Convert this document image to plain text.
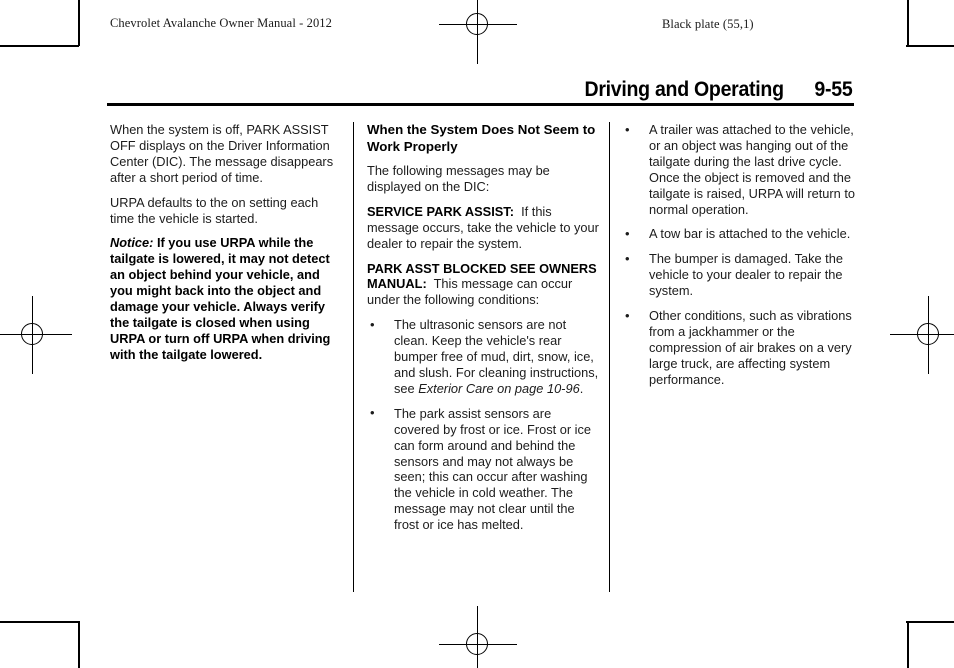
Chevrolet Avalanche Owner Manual - 2012	Black plate (55,1)
Driving and Operating 9-55

When the system is off, PARK ASSIST OFF displays on the Driver Information Center (DIC). The message disappears after a short period of time.

URPA defaults to the on setting each time the vehicle is started.

Notice: If you use URPA while the tailgate is lowered, it may not detect an object behind your vehicle, and you might back into the object and damage your vehicle. Always verify the tailgate is closed when using URPA or turn off URPA when driving with the tailgate lowered.

When the System Does Not Seem to Work Properly

The following messages may be displayed on the DIC:

SERVICE PARK ASSIST: If this message occurs, take the vehicle to your dealer to repair the system.

PARK ASST BLOCKED SEE OWNERS MANUAL: This message can occur under the following conditions:

• The ultrasonic sensors are not clean. Keep the vehicle's rear bumper free of mud, dirt, snow, ice, and slush. For cleaning instructions, see Exterior Care on page 10-96.
• The park assist sensors are covered by frost or ice. Frost or ice can form around and behind the sensors and may not always be seen; this can occur after washing the vehicle in cold weather. The message may not clear until the frost or ice has melted.
• A trailer was attached to the vehicle, or an object was hanging out of the tailgate during the last drive cycle. Once the object is removed and the tailgate is raised, URPA will return to normal operation.
• A tow bar is attached to the vehicle.
• The bumper is damaged. Take the vehicle to your dealer to repair the system.
• Other conditions, such as vibrations from a jackhammer or the compression of air brakes on a very large truck, are affecting system performance.
